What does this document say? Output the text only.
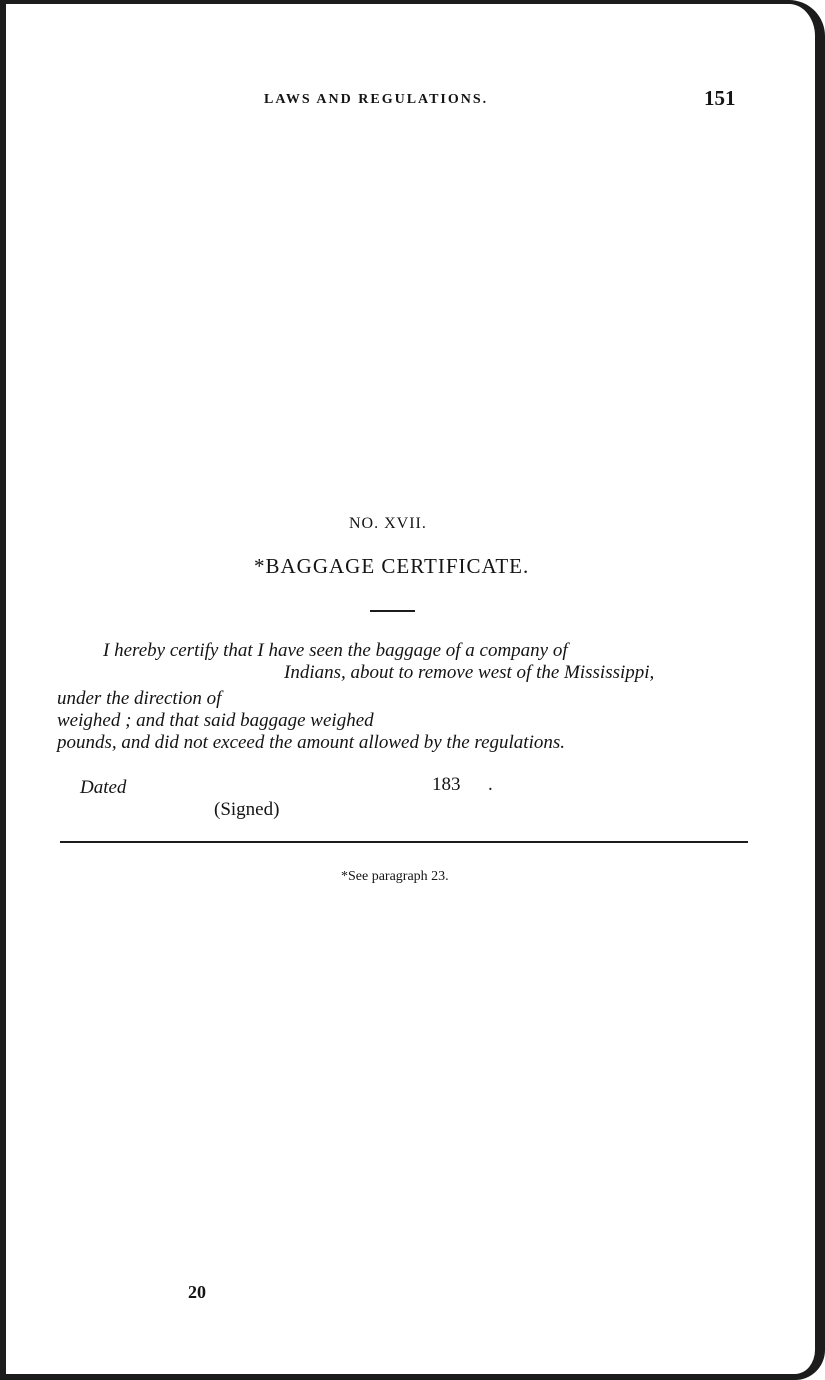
LAWS AND REGULATIONS.	151
NO. XVII.
*BAGGAGE CERTIFICATE.
I hereby certify that I have seen the baggage of a company of
Indians, about to remove west of the Mississippi,
under the direction of
weighed ; and that said baggage weighed
pounds, and did not exceed the amount allowed by the regulations.
Dated	183 .
(Signed)
*See paragraph 23.
20
